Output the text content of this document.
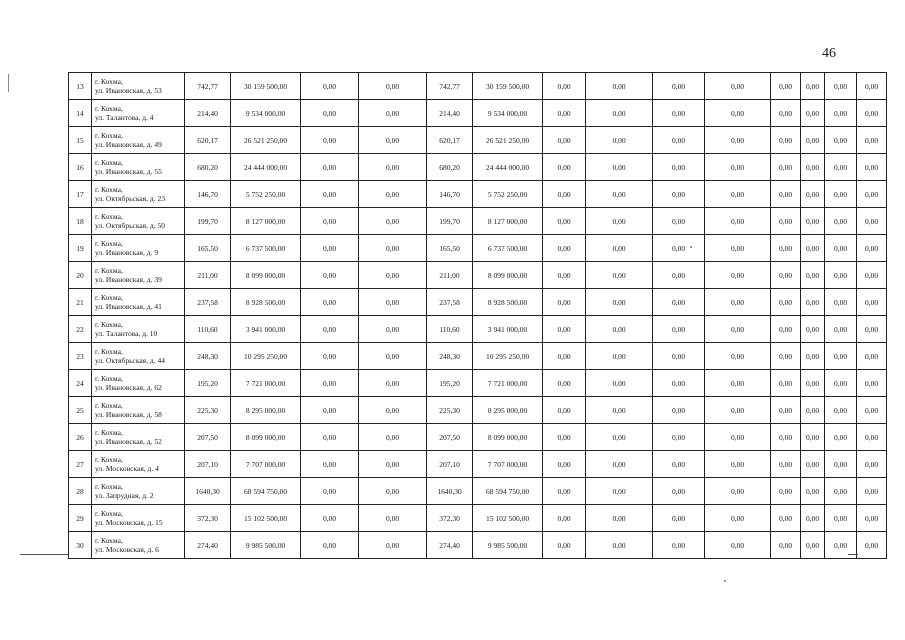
46
13	г. Кохма,
ул. Ивановская, д. 53	742,77	30 159 500,00	0,00	0,00	742,77	30 159 500,00	0,00	0,00	0,00	0,00	0,00	0,00	0,00	0,00
14	г. Кохма,
ул. Талантова, д. 4	214,40	9 534 000,00	0,00	0,00	214,40	9 534 000,00	0,00	0,00	0,00	0,00	0,00	0,00	0,00	0,00
15	г. Кохма,
ул. Ивановская, д. 49	620,17	26 521 250,00	0,00	0,00	620,17	26 521 250,00	0,00	0,00	0,00	0,00	0,00	0,00	0,00	0,00
16	г. Кохма,
ул. Ивановская, д. 55	680,20	24 444 000,00	0,00	0,00	680,20	24 444 000,00	0,00	0,00	0,00	0,00	0,00	0,00	0,00	0,00
17	г. Кохма,
ул. Октябрьская, д. 23	146,70	5 752 250,00	0,00	0,00	146,70	5 752 250,00	0,00	0,00	0,00	0,00	0,00	0,00	0,00	0,00
18	г. Кохма,
ул. Октябрьская, д. 50	199,70	8 127 000,00	0,00	0,00	199,70	8 127 000,00	0,00	0,00	0,00	0,00	0,00	0,00	0,00	0,00
19	г. Кохма,
ул. Ивановская, д. 9	165,50	6 737 500,00	0,00	0,00	165,50	6 737 500,00	0,00	0,00	0,00	0,00	0,00	0,00	0,00	0,00
20	г. Кохма,
ул. Ивановская, д. 39	211,00	8 099 000,00	0,00	0,00	211,00	8 099 000,00	0,00	0,00	0,00	0,00	0,00	0,00	0,00	0,00
21	г. Кохма,
ул. Ивановская, д. 41	237,58	8 928 500,00	0,00	0,00	237,58	8 928 500,00	0,00	0,00	0,00	0,00	0,00	0,00	0,00	0,00
22	г. Кохма,
ул. Талантова, д. 10	110,60	3 941 000,00	0,00	0,00	110,60	3 941 000,00	0,00	0,00	0,00	0,00	0,00	0,00	0,00	0,00
23	г. Кохма,
ул. Октябрьская, д. 44	248,30	10 295 250,00	0,00	0,00	248,30	10 295 250,00	0,00	0,00	0,00	0,00	0,00	0,00	0,00	0,00
24	г. Кохма,
ул. Ивановская, д. 62	195,20	7 721 000,00	0,00	0,00	195,20	7 721 000,00	0,00	0,00	0,00	0,00	0,00	0,00	0,00	0,00
25	г. Кохма,
ул. Ивановская, д. 58	225,30	8 295 000,00	0,00	0,00	225,30	8 295 000,00	0,00	0,00	0,00	0,00	0,00	0,00	0,00	0,00
26	г. Кохма,
ул. Ивановская, д. 52	207,50	8 099 000,00	0,00	0,00	207,50	8 099 000,00	0,00	0,00	0,00	0,00	0,00	0,00	0,00	0,00
27	г. Кохма,
ул. Московская, д. 4	207,10	7 707 000,00	0,00	0,00	207,10	7 707 000,00	0,00	0,00	0,00	0,00	0,00	0,00	0,00	0,00
28	г. Кохма,
ул. Запрудная, д. 2	1640,30	68 594 750,00	0,00	0,00	1640,30	68 594 750,00	0,00	0,00	0,00	0,00	0,00	0,00	0,00	0,00
29	г. Кохма,
ул. Московская, д. 15	372,30	15 102 500,00	0,00	0,00	372,30	15 102 500,00	0,00	0,00	0,00	0,00	0,00	0,00	0,00	0,00
30	г. Кохма,
ул. Московская, д. 6	274,40	9 985 500,00	0,00	0,00	274,40	9 985 500,00	0,00	0,00	0,00	0,00	0,00	0,00	0,00	0,00
